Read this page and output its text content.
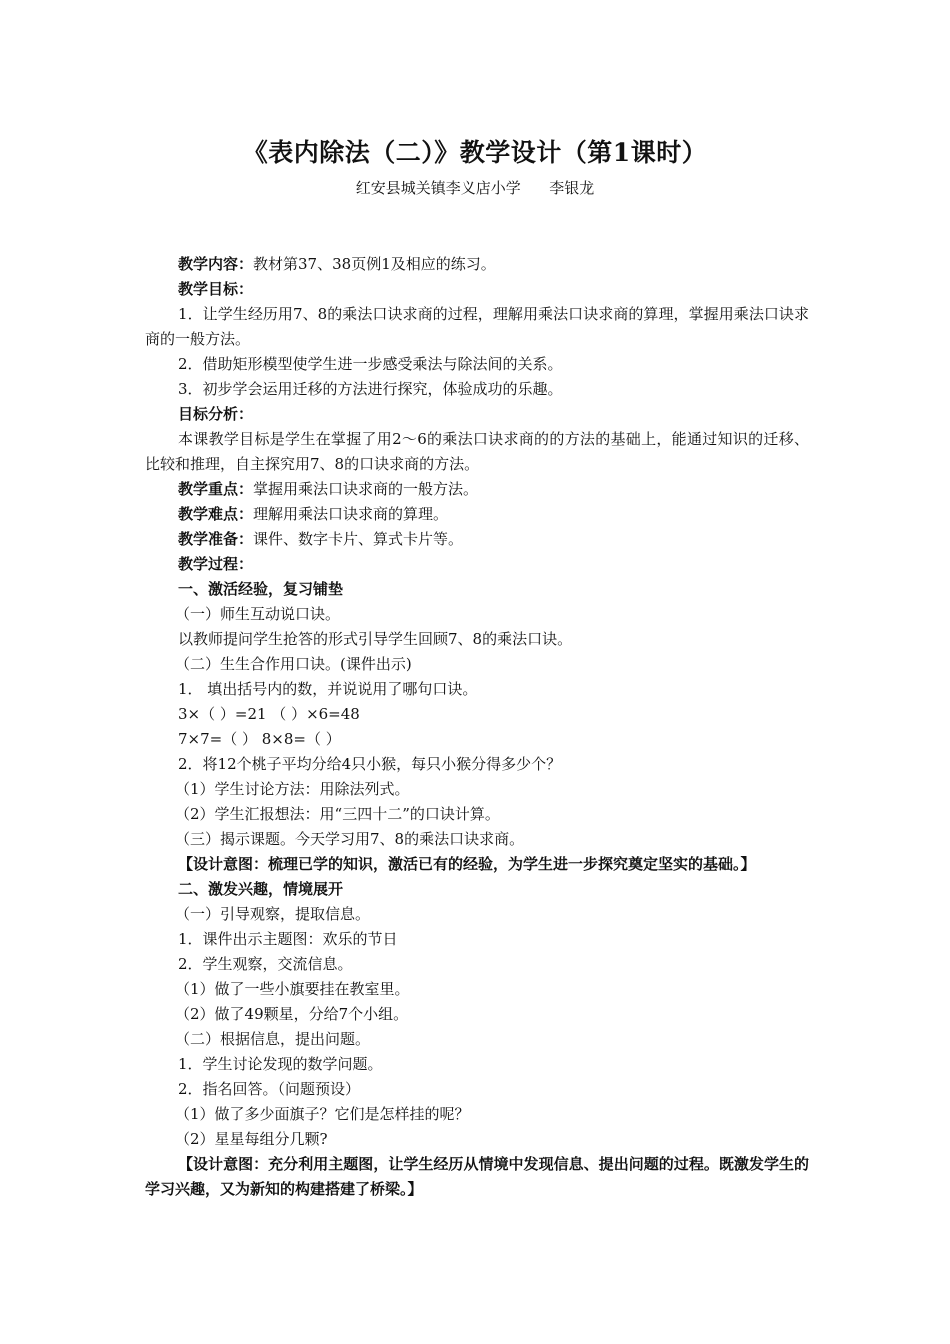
《表内除法（二）》教学设计（第1课时）
红安县城关镇李义店小学      李银龙
教学内容：教材第37、38页例1及相应的练习。
教学目标：
1．让学生经历用7、8的乘法口诀求商的过程，理解用乘法口诀求商的算理，掌握用乘法口诀求商的一般方法。
2．借助矩形模型使学生进一步感受乘法与除法间的关系。
3．初步学会运用迁移的方法进行探究，体验成功的乐趣。
目标分析：
本课教学目标是学生在掌握了用2～6的乘法口诀求商的的方法的基础上，能通过知识的迁移、比较和推理，自主探究用7、8的口诀求商的方法。
教学重点：掌握用乘法口诀求商的一般方法。
教学难点：理解用乘法口诀求商的算理。
教学准备：课件、数字卡片、算式卡片等。
教学过程：
一、激活经验，复习铺垫
（一）师生互动说口诀。
以教师提问学生抢答的形式引导学生回顾7、8的乘法口诀。
（二）生生合作用口诀。(课件出示)
1． 填出括号内的数，并说说用了哪句口诀。
3×（ ）=21 （ ）×6=48
7×7=（ ） 8×8=（ ）
2．将12个桃子平均分给4只小猴，每只小猴分得多少个？
（1）学生讨论方法：用除法列式。
（2）学生汇报想法：用“三四十二”的口诀计算。
（三）揭示课题。今天学习用7、8的乘法口诀求商。
【设计意图：梳理已学的知识，激活已有的经验，为学生进一步探究奠定坚实的基础。】
二、激发兴趣，情境展开
（一）引导观察，提取信息。
1．课件出示主题图：欢乐的节日
2．学生观察，交流信息。
（1）做了一些小旗要挂在教室里。
（2）做了49颗星，分给7个小组。
（二）根据信息，提出问题。
1．学生讨论发现的数学问题。
2．指名回答。（问题预设）
（1）做了多少面旗子？它们是怎样挂的呢？
（2）星星每组分几颗?
【设计意图：充分利用主题图，让学生经历从情境中发现信息、提出问题的过程。既激发学生的学习兴趣，又为新知的构建搭建了桥梁。】
